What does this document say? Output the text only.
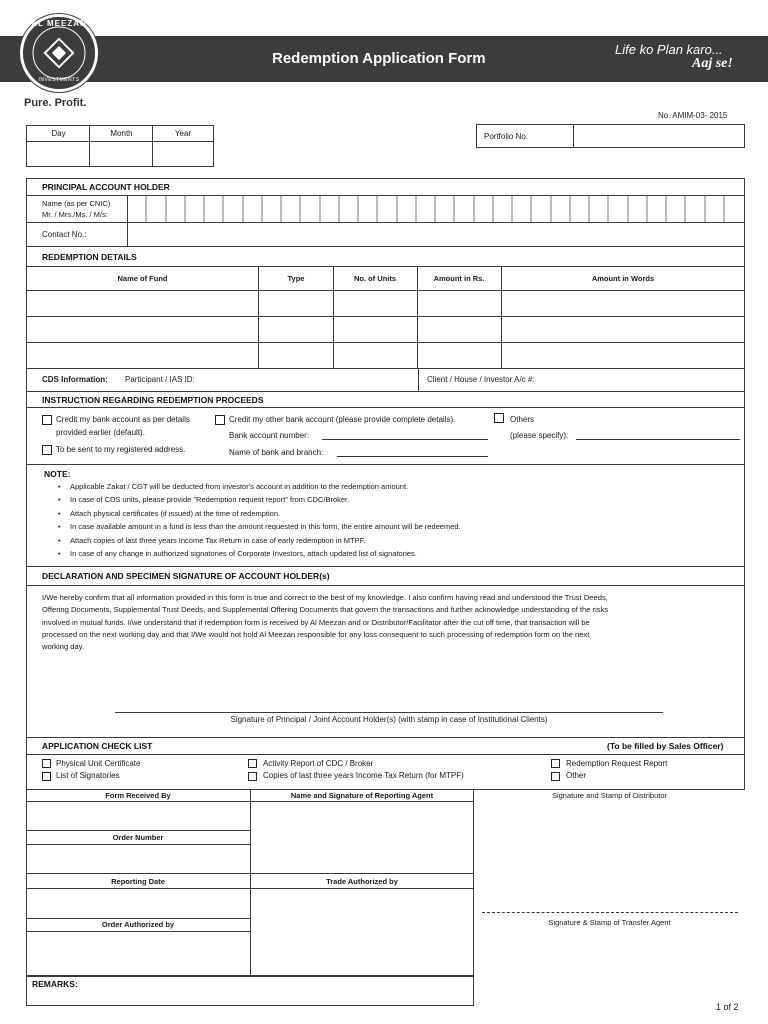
Redemption Application Form
Life ko Plan karo...
Aaj se!
AL MEEZAN
INVESTMENTS
Pure. Profit.
No. AMIM-03- 2015
Day	Month	Year	Portfolio No.
PRINCIPAL ACCOUNT HOLDER
Name (as per CNIC)
Mr. / Mrs./Ms. / M/s:
Contact No.:
REDEMPTION DETAILS
Name of Fund	Type	No. of Units	Amount in Rs.	Amount in Words
CDS Information: Participant / IAS ID:	Client / House / Investor A/c #:
INSTRUCTION REGARDING REDEMPTION PROCEEDS
Credit my bank account as per details
provided earlier (default).
To be sent to my registered address.
Credit my other bank account (please provide complete details).
Bank account number:
Name of bank and branch:
Others
(please specify):
NOTE:
• Applicable Zakat / CGT will be deducted from investor's account in addition to the redemption amount.
• In case of CDS units, please provide "Redemption request report" from CDC/Broker.
• Attach physical certificates (if issued) at the time of redemption.
• In case available amount in a fund is less than the amount requested in this form, the entire amount will be redeemed.
• Attach copies of last three years Income Tax Return in case of early redemption in MTPF.
• In case of any change in authorized signatories of Corporate Investors, attach updated list of signatories.
DECLARATION AND SPECIMEN SIGNATURE OF ACCOUNT HOLDER(s)
I/We hereby confirm that all information provided in this form is true and correct to the best of my knowledge. I also confirm having read and understood the Trust Deeds,
Offering Documents, Supplemental Trust Deeds, and Supplemental Offering Documents that govern the transactions and further acknowledge understanding of the risks
involved in mutual funds. I/we understand that if redemption form is received by Al Meezan and or Distributor/Facilitator after the cut off time, that transaction will be
processed on the next working day and that I/We would not hold Al Meezan responsible for any loss consequent to such processing of redemption form on the next
working day.
Signature of Principal / Joint Account Holder(s) (with stamp in case of Institutional Clients)
APPLICATION CHECK LIST	(To be filled by Sales Officer)
Physical Unit Certificate
List of Signatories
Activity Report of CDC / Broker
Copies of last three years Income Tax Return (for MTPF)
Redemption Request Report
Other
Form Received By	Name and Signature of Reporting Agent	Signature and Stamp of Distributor
Order Number
Reporting Date	Trade Authorized by
Order Authorized by	Signature & Stamp of Transfer Agent
REMARKS:
1 of 2
